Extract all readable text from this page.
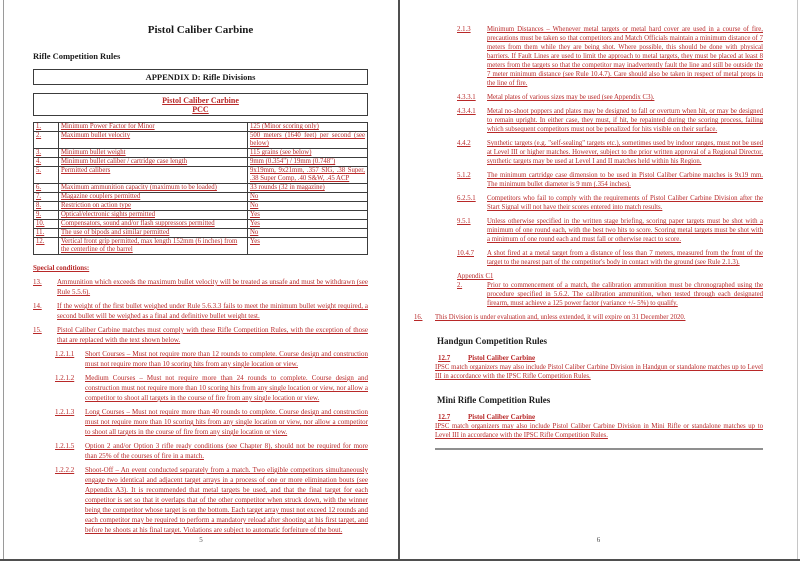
Pistol Caliber Carbine
Rifle Competition Rules
APPENDIX D: Rifle Divisions
Pistol Caliber Carbine
PCC
1.	Minimum Power Factor for Minor	125 (Minor scoring only)
2.	Maximum bullet velocity	500 meters (1640 feet) per second (see below)
3.	Minimum bullet weight	115 grains (see below)
4.	Minimum bullet caliber / cartridge case length	9mm (0.354") / 19mm (0.748")
5.	Permitted calibers	9x19mm, 9x21mm, .357 SIG, .38 Super, .38 Super Comp, .40 S&W, .45 ACP
6.	Maximum ammunition capacity (maximum to be loaded)	33 rounds (32 in magazine)
7.	Magazine couplers permitted	No
8.	Restriction on action type	No
9.	Optical/electronic sights permitted	Yes
10.	Compensators, sound and/or flash suppressors permitted	Yes
11.	The use of bipods and similar permitted	No
12.	Vertical front grip permitted, max length 152mm (6 inches) from the centerline of the barrel	Yes
Special conditions:
13.	Ammunition which exceeds the maximum bullet velocity will be treated as unsafe and must be withdrawn (see Rule 5.5.6).
14.	If the weight of the first bullet weighed under Rule 5.6.3.3 fails to meet the minimum bullet weight required, a second bullet will be weighed as a final and definitive bullet weight test.
15.	Pistol Caliber Carbine matches must comply with these Rifle Competition Rules, with the exception of those that are replaced with the text shown below.
1.2.1.1	Short Courses – Must not require more than 12 rounds to complete. Course design and construction must not require more than 10 scoring hits from any single location or view.
1.2.1.2	Medium Courses – Must not require more than 24 rounds to complete. Course design and construction must not require more than 10 scoring hits from any single location or view, nor allow a competitor to shoot all targets in the course of fire from any single location or view.
1.2.1.3	Long Courses – Must not require more than 40 rounds to complete. Course design and construction must not require more than 10 scoring hits from any single location or view, nor allow a competitor to shoot all targets in the course of fire from any single location or view.
1.2.1.5	Option 2 and/or Option 3 rifle ready conditions (see Chapter 8), should not be required for more than 25% of the courses of fire in a match.
1.2.2.2	Shoot-Off – An event conducted separately from a match. Two eligible competitors simultaneously engage two identical and adjacent target arrays in a process of one or more elimination bouts (see Appendix A3). It is recommended that metal targets be used, and that the final target for each competitor is set so that it overlaps that of the other competitor when struck down, with the winner being the competitor whose target is on the bottom. Each target array must not exceed 12 rounds and each competitor may be required to perform a mandatory reload after shooting at his first target, and before he shoots at his final target. Violations are subject to automatic forfeiture of the bout.
5
2.1.3	Minimum Distances – Whenever metal targets or metal hard cover are used in a course of fire, precautions must be taken so that competitors and Match Officials maintain a minimum distance of 7 meters from them while they are being shot. Where possible, this should be done with physical barriers. If Fault Lines are used to limit the approach to metal targets, they must be placed at least 8 meters from the targets so that the competitor may inadvertently fault the line and still be outside the 7 meter minimum distance (see Rule 10.4.7). Care should also be taken in respect of metal props in the line of fire.
4.3.3.1	Metal plates of various sizes may be used (see Appendix C3).
4.3.4.1	Metal no-shoot poppers and plates may be designed to fall or overturn when hit, or may be designed to remain upright. In either case, they must, if hit, be repainted during the scoring process, failing which subsequent competitors must not be penalized for hits visible on their surface.
4.4.2	Synthetic targets (e.g. "self-sealing" targets etc.), sometimes used by indoor ranges, must not be used at Level III or higher matches. However, subject to the prior written approval of a Regional Director, synthetic targets may be used at Level I and II matches held within his Region.
5.1.2	The minimum cartridge case dimension to be used in Pistol Caliber Carbine matches is 9x19 mm. The minimum bullet diameter is 9 mm (.354 inches).
6.2.5.1	Competitors who fail to comply with the requirements of Pistol Caliber Carbine Division after the Start Signal will not have their scores entered into match results.
9.5.1	Unless otherwise specified in the written stage briefing, scoring paper targets must be shot with a minimum of one round each, with the best two hits to score. Scoring metal targets must be shot with a minimum of one round each and must fall or otherwise react to score.
10.4.7	A shot fired at a metal target from a distance of less than 7 meters, measured from the front of the target to the nearest part of the competitor's body in contact with the ground (see Rule 2.1.3).
Appendix C1
2.	Prior to commencement of a match, the calibration ammunition must be chronographed using the procedure specified in 5.6.2. The calibration ammunition, when tested through each designated firearm, must achieve a 125 power factor (variance +/- 5%) to qualify.
16.	This Division is under evaluation and, unless extended, it will expire on 31 December 2020.
Handgun Competition Rules
12.7	Pistol Caliber Carbine
IPSC match organizers may also include Pistol Caliber Carbine Division in Handgun or standalone matches up to Level III in accordance with the IPSC Rifle Competition Rules.
Mini Rifle Competition Rules
12.7	Pistol Caliber Carbine
IPSC match organizers may also include Pistol Caliber Carbine Division in Mini Rifle or standalone matches up to Level III in accordance with the IPSC Rifle Competition Rules.
6
